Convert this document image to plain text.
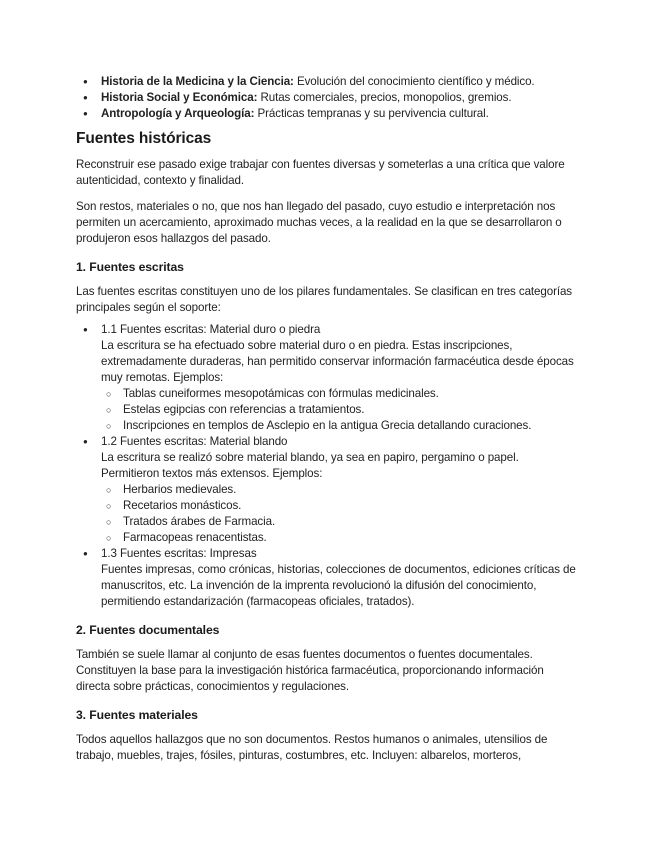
● Historia de la Medicina y la Ciencia: Evolución del conocimiento científico y médico.
● Historia Social y Económica: Rutas comerciales, precios, monopolios, gremios.
● Antropología y Arqueología: Prácticas tempranas y su pervivencia cultural.
Fuentes históricas

Reconstruir ese pasado exige trabajar con fuentes diversas y someterlas a una crítica que valore autenticidad, contexto y finalidad.

Son restos, materiales o no, que nos han llegado del pasado, cuyo estudio e interpretación nos permiten un acercamiento, aproximado muchas veces, a la realidad en la que se desarrollaron o produjeron esos hallazgos del pasado.

1. Fuentes escritas

Las fuentes escritas constituyen uno de los pilares fundamentales. Se clasifican en tres categorías principales según el soporte:

● 1.1 Fuentes escritas: Material duro o piedra
La escritura se ha efectuado sobre material duro o en piedra. Estas inscripciones, extremadamente duraderas, han permitido conservar información farmacéutica desde épocas muy remotas. Ejemplos:
○ Tablas cuneiformes mesopotámicas con fórmulas medicinales.
○ Estelas egipcias con referencias a tratamientos.
○ Inscripciones en templos de Asclepio en la antigua Grecia detallando curaciones.
● 1.2 Fuentes escritas: Material blando
La escritura se realizó sobre material blando, ya sea en papiro, pergamino o papel. Permitieron textos más extensos. Ejemplos:
○ Herbarios medievales.
○ Recetarios monásticos.
○ Tratados árabes de Farmacia.
○ Farmacopeas renacentistas.
● 1.3 Fuentes escritas: Impresas
Fuentes impresas, como crónicas, historias, colecciones de documentos, ediciones críticas de manuscritos, etc. La invención de la imprenta revolucionó la difusión del conocimiento, permitiendo estandarización (farmacopeas oficiales, tratados).
2. Fuentes documentales

También se suele llamar al conjunto de esas fuentes documentos o fuentes documentales. Constituyen la base para la investigación histórica farmacéutica, proporcionando información directa sobre prácticas, conocimientos y regulaciones.

3. Fuentes materiales

Todos aquellos hallazgos que no son documentos. Restos humanos o animales, utensilios de trabajo, muebles, trajes, fósiles, pinturas, costumbres, etc. Incluyen: albarelos, morteros,
